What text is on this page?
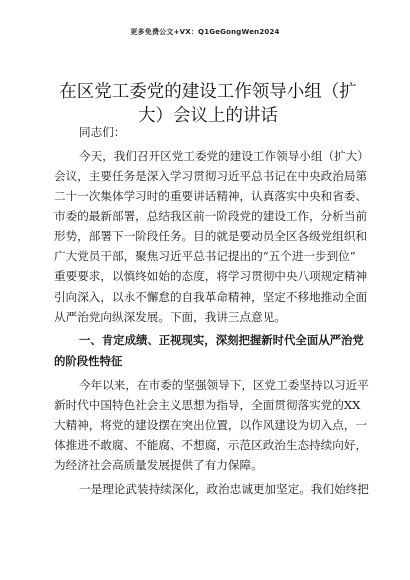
更多免费公文+VX：Q1GeGongWen2024
在区党工委党的建设工作领导小组（扩大）会议上的讲话
同志们：
今天，我们召开区党工委党的建设工作领导小组（扩大）
会议，主要任务是深入学习贯彻习近平总书记在中央政治局第
二十一次集体学习时的重要讲话精神，认真落实中央和省委、
市委的最新部署，总结我区前一阶段党的建设工作，分析当前
形势，部署下一阶段任务。目的就是要动员全区各级党组织和
广大党员干部，聚焦习近平总书记提出的“五个进一步到位”
重要要求，以慎终如始的态度，将学习贯彻中央八项规定精神
引向深入，以永不懈怠的自我革命精神，坚定不移地推动全面
从严治党向纵深发展。下面，我讲三点意见。
一、肯定成绩、正视现实，深刻把握新时代全面从严治党
的阶段性特征
今年以来，在市委的坚强领导下，区党工委坚持以习近平
新时代中国特色社会主义思想为指导，全面贯彻落实党的XX
大精神，将党的建设摆在突出位置，以作风建设为切入点，一
体推进不敢腐、不能腐、不想腐，示范区政治生态持续向好，
为经济社会高质量发展提供了有力保障。
一是理论武装持续深化，政治忠诚更加坚定。我们始终把
